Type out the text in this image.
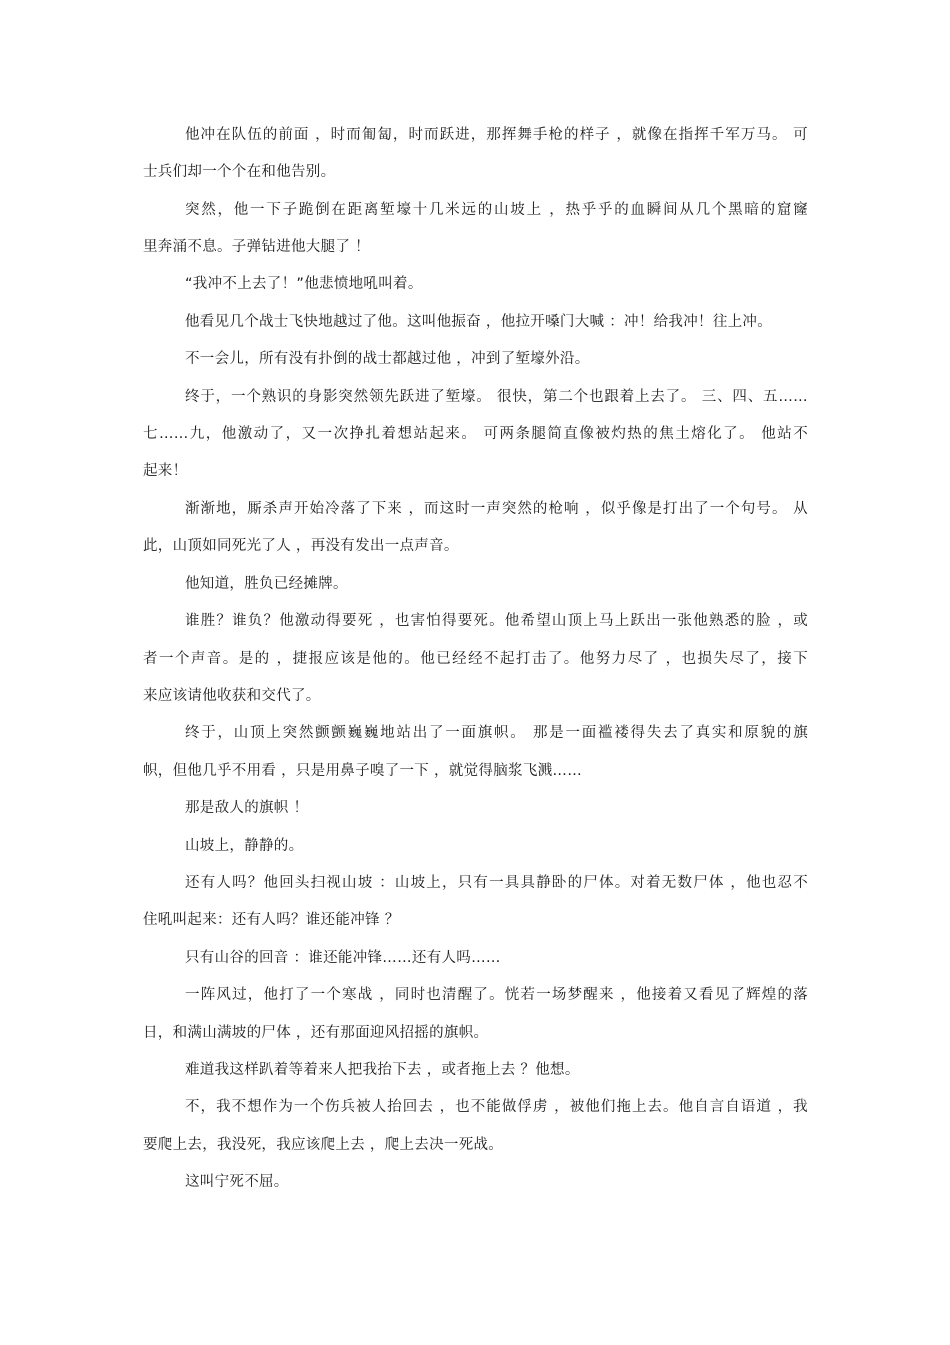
他冲在队伍的前面 ，时而匍匐，时而跃进，那挥舞手枪的样子 ，就像在指挥千军万马。 可
士兵们却一个个在和他告别。
突然，他一下子跪倒在距离堑壕十几米远的山坡上 ，热乎乎的血瞬间从几个黑暗的窟窿
里奔涌不息。子弹钻进他大腿了 ！
“我冲不上去了！”他悲愤地吼叫着。
他看见几个战士飞快地越过了他。这叫他振奋 ，他拉开嗓门大喊 ：冲！给我冲！往上冲。
不一会儿，所有没有扑倒的战士都越过他 ，冲到了堑壕外沿。
终于，一个熟识的身影突然领先跃进了堑壕。 很快，第二个也跟着上去了。 三、四、五……
七……九，他激动了，又一次挣扎着想站起来。 可两条腿简直像被灼热的焦土熔化了。 他站不
起来！
渐渐地，厮杀声开始冷落了下来 ，而这时一声突然的枪响 ，似乎像是打出了一个句号。 从
此，山顶如同死光了人 ，再没有发出一点声音。
他知道，胜负已经摊牌。
谁胜？谁负？他激动得要死 ，也害怕得要死。他希望山顶上马上跃出一张他熟悉的脸 ，或
者一个声音。是的 ，捷报应该是他的。他已经经不起打击了。他努力尽了 ，也损失尽了，接下
来应该请他收获和交代了。
终于，山顶上突然颤颤巍巍地站出了一面旗帜。 那是一面褴褛得失去了真实和原貌的旗
帜，但他几乎不用看 ，只是用鼻子嗅了一下 ，就觉得脑浆飞溅……
那是敌人的旗帜 ！
山坡上，静静的。
还有人吗？他回头扫视山坡 ：山坡上，只有一具具静卧的尸体。对着无数尸体 ，他也忍不
住吼叫起来：还有人吗？谁还能冲锋 ？
只有山谷的回音 ：谁还能冲锋……还有人吗……
一阵风过，他打了一个寒战 ，同时也清醒了。恍若一场梦醒来 ，他接着又看见了辉煌的落
日，和满山满坡的尸体 ，还有那面迎风招摇的旗帜。
难道我这样趴着等着来人把我抬下去 ，或者拖上去 ？他想。
不，我不想作为一个伤兵被人抬回去 ，也不能做俘虏 ，被他们拖上去。他自言自语道 ，我
要爬上去，我没死，我应该爬上去 ，爬上去决一死战。
这叫宁死不屈。
